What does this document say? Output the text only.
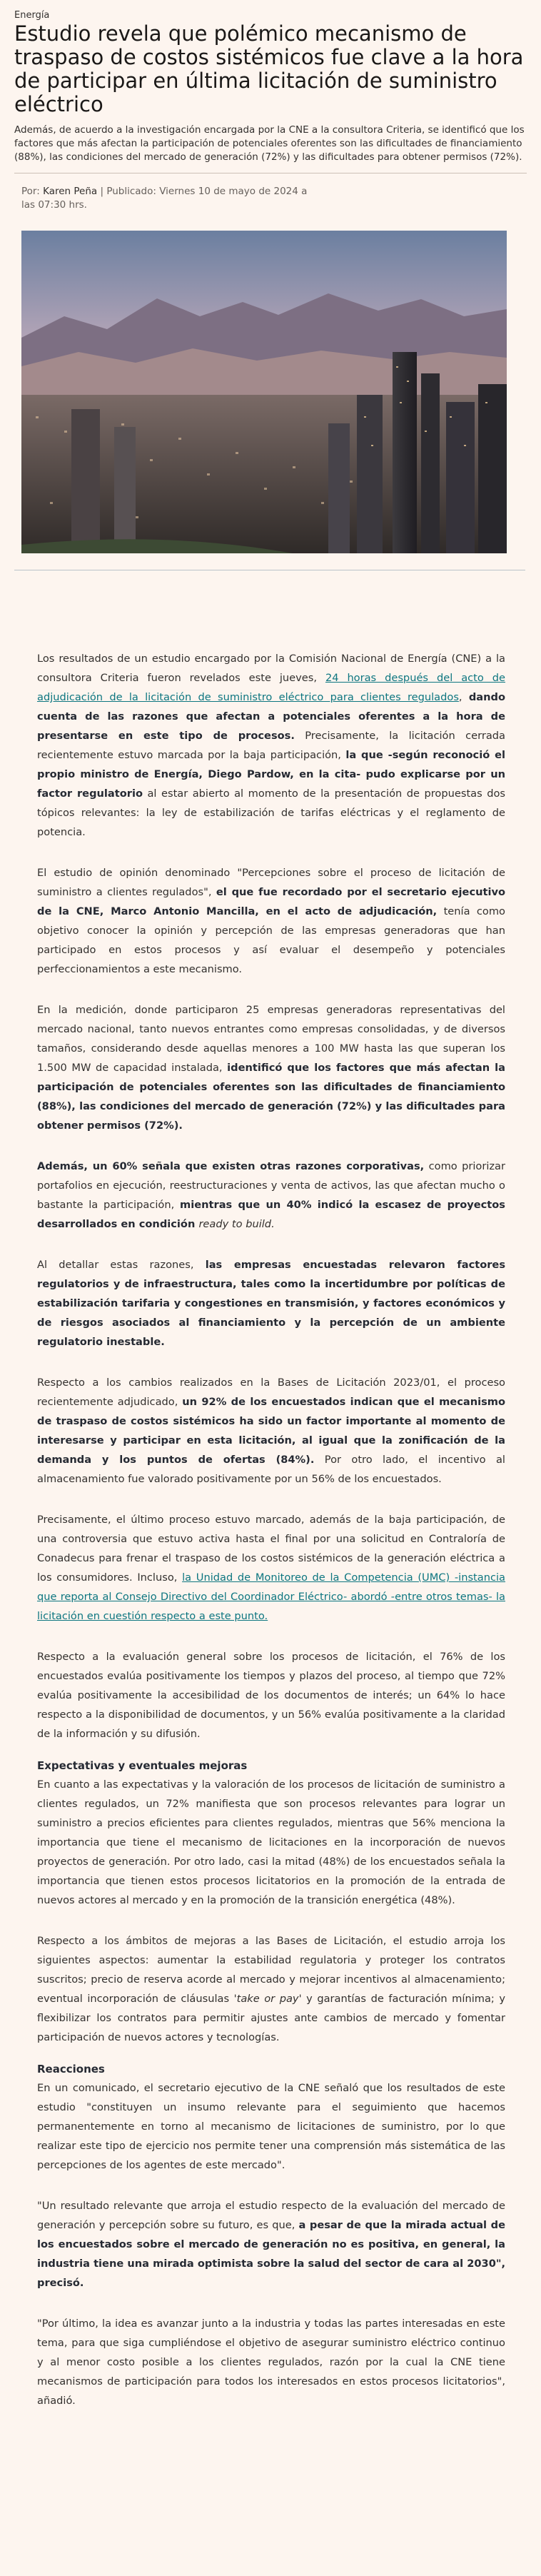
Energía
Estudio revela que polémico mecanismo de traspaso de costos sistémicos fue clave a la hora de participar en última licitación de suministro eléctrico

Además, de acuerdo a la investigación encargada por la CNE a la consultora Criteria, se identificó que los factores que más afectan la participación de potenciales oferentes son las dificultades de financiamiento (88%), las condiciones del mercado de generación (72%) y las dificultades para obtener permisos (72%).

Por: Karen Peña | Publicado: Viernes 10 de mayo de 2024 a las 07:30 hrs.

Los resultados de un estudio encargado por la Comisión Nacional de Energía (CNE) a la consultora Criteria fueron revelados este jueves, 24 horas después del acto de adjudicación de la licitación de suministro eléctrico para clientes regulados, dando cuenta de las razones que afectan a potenciales oferentes a la hora de presentarse en este tipo de procesos. Precisamente, la licitación cerrada recientemente estuvo marcada por la baja participación, la que -según reconoció el propio ministro de Energía, Diego Pardow, en la cita- pudo explicarse por un factor regulatorio al estar abierto al momento de la presentación de propuestas dos tópicos relevantes: la ley de estabilización de tarifas eléctricas y el reglamento de potencia.

El estudio de opinión denominado "Percepciones sobre el proceso de licitación de suministro a clientes regulados", el que fue recordado por el secretario ejecutivo de la CNE, Marco Antonio Mancilla, en el acto de adjudicación, tenía como objetivo conocer la opinión y percepción de las empresas generadoras que han participado en estos procesos y así evaluar el desempeño y potenciales perfeccionamientos a este mecanismo.

En la medición, donde participaron 25 empresas generadoras representativas del mercado nacional, tanto nuevos entrantes como empresas consolidadas, y de diversos tamaños, considerando desde aquellas menores a 100 MW hasta las que superan los 1.500 MW de capacidad instalada, identificó que los factores que más afectan la participación de potenciales oferentes son las dificultades de financiamiento (88%), las condiciones del mercado de generación (72%) y las dificultades para obtener permisos (72%).

Además, un 60% señala que existen otras razones corporativas, como priorizar portafolios en ejecución, reestructuraciones y venta de activos, las que afectan mucho o bastante la participación, mientras que un 40% indicó la escasez de proyectos desarrollados en condición ready to build.

Al detallar estas razones, las empresas encuestadas relevaron factores regulatorios y de infraestructura, tales como la incertidumbre por políticas de estabilización tarifaria y congestiones en transmisión, y factores económicos y de riesgos asociados al financiamiento y la percepción de un ambiente regulatorio inestable.

Respecto a los cambios realizados en la Bases de Licitación 2023/01, el proceso recientemente adjudicado, un 92% de los encuestados indican que el mecanismo de traspaso de costos sistémicos ha sido un factor importante al momento de interesarse y participar en esta licitación, al igual que la zonificación de la demanda y los puntos de ofertas (84%). Por otro lado, el incentivo al almacenamiento fue valorado positivamente por un 56% de los encuestados.

Precisamente, el último proceso estuvo marcado, además de la baja participación, de una controversia que estuvo activa hasta el final por una solicitud en Contraloría de Conadecus para frenar el traspaso de los costos sistémicos de la generación eléctrica a los consumidores. Incluso, la Unidad de Monitoreo de la Competencia (UMC) -instancia que reporta al Consejo Directivo del Coordinador Eléctrico- abordó -entre otros temas- la licitación en cuestión respecto a este punto.

Respecto a la evaluación general sobre los procesos de licitación, el 76% de los encuestados evalúa positivamente los tiempos y plazos del proceso, al tiempo que 72% evalúa positivamente la accesibilidad de los documentos de interés; un 64% lo hace respecto a la disponibilidad de documentos, y un 56% evalúa positivamente a la claridad de la información y su difusión.

Expectativas y eventuales mejoras

En cuanto a las expectativas y la valoración de los procesos de licitación de suministro a clientes regulados, un 72% manifiesta que son procesos relevantes para lograr un suministro a precios eficientes para clientes regulados, mientras que 56% menciona la importancia que tiene el mecanismo de licitaciones en la incorporación de nuevos proyectos de generación. Por otro lado, casi la mitad (48%) de los encuestados señala la importancia que tienen estos procesos licitatorios en la promoción de la entrada de nuevos actores al mercado y en la promoción de la transición energética (48%).

Respecto a los ámbitos de mejoras a las Bases de Licitación, el estudio arroja los siguientes aspectos: aumentar la estabilidad regulatoria y proteger los contratos suscritos; precio de reserva acorde al mercado y mejorar incentivos al almacenamiento; eventual incorporación de cláusulas 'take or pay' y garantías de facturación mínima; y flexibilizar los contratos para permitir ajustes ante cambios de mercado y fomentar participación de nuevos actores y tecnologías.

Reacciones

En un comunicado, el secretario ejecutivo de la CNE señaló que los resultados de este estudio "constituyen un insumo relevante para el seguimiento que hacemos permanentemente en torno al mecanismo de licitaciones de suministro, por lo que realizar este tipo de ejercicio nos permite tener una comprensión más sistemática de las percepciones de los agentes de este mercado".

"Un resultado relevante que arroja el estudio respecto de la evaluación del mercado de generación y percepción sobre su futuro, es que, a pesar de que la mirada actual de los encuestados sobre el mercado de generación no es positiva, en general, la industria tiene una mirada optimista sobre la salud del sector de cara al 2030", precisó.

"Por último, la idea es avanzar junto a la industria y todas las partes interesadas en este tema, para que siga cumpliéndose el objetivo de asegurar suministro eléctrico continuo y al menor costo posible a los clientes regulados, razón por la cual la CNE tiene mecanismos de participación para todos los interesados en estos procesos licitatorios", añadió.
